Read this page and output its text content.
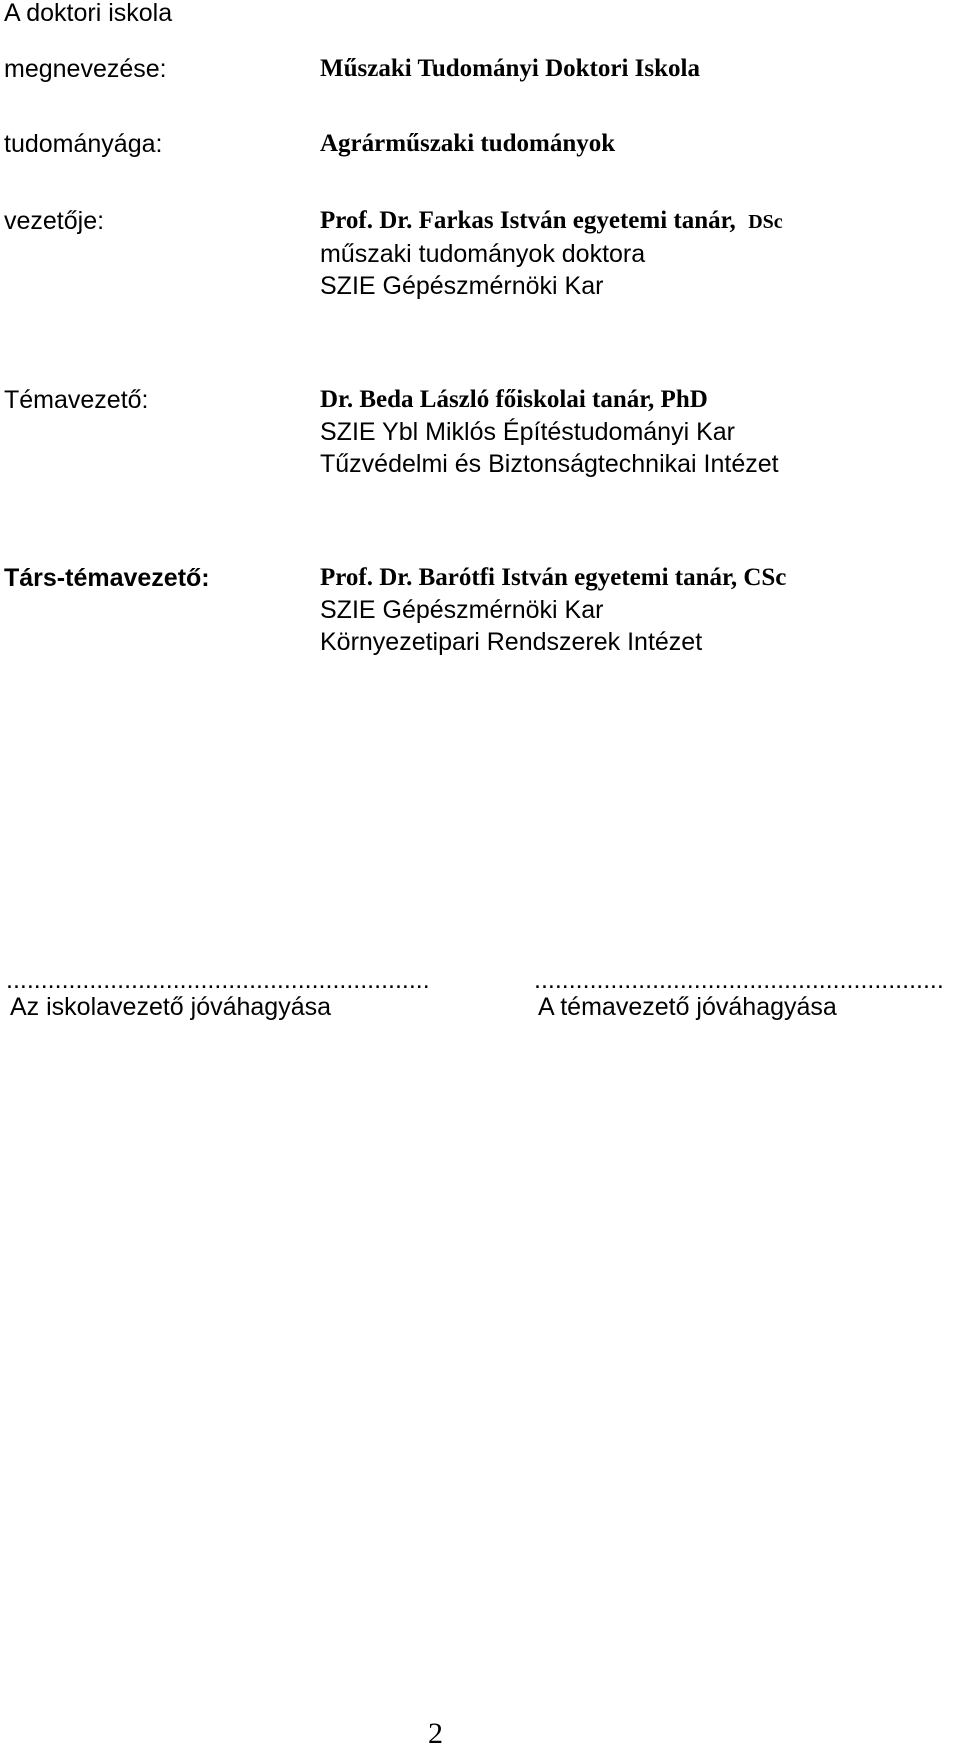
A doktori iskola
megnevezése:	Műszaki Tudományi Doktori Iskola
tudományága:	Agrárműszaki tudományok
vezetője:	Prof. Dr. Farkas István egyetemi tanár, DSc
műszaki tudományok doktora
SZIE Gépészmérnöki Kar
Témavezető:	Dr. Beda László főiskolai tanár, PhD
SZIE Ybl Miklós Építéstudományi Kar
Tűzvédelmi és Biztonságtechnikai Intézet
Társ-témavezető:	Prof. Dr. Barótfi István egyetemi tanár, CSc
SZIE Gépészmérnöki Kar
Környezetipari Rendszerek Intézet
.............................................................
Az iskolavezető jóváhagyása
...........................................................
A témavezető jóváhagyása
2
